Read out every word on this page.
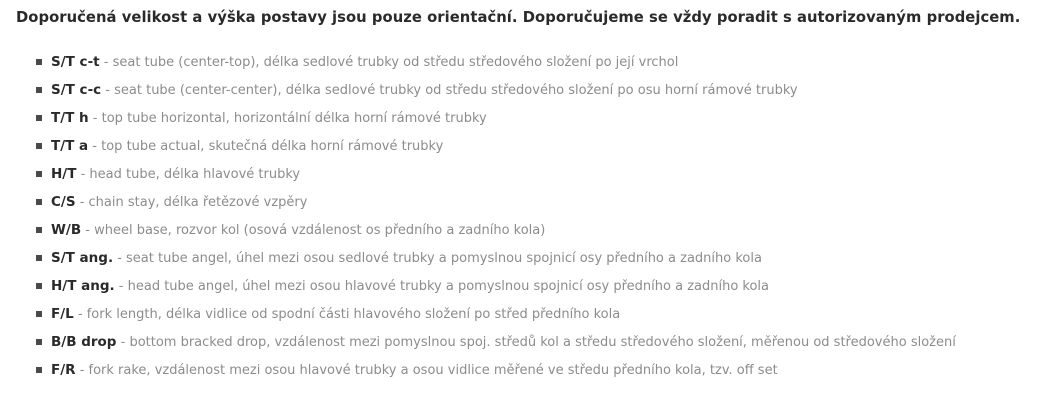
Doporučená velikost a výška postavy jsou pouze orientační. Doporučujeme se vždy poradit s autorizovaným prodejcem.
S/T c-t - seat tube (center-top), délka sedlové trubky od středu středového složení po její vrchol
S/T c-c - seat tube (center-center), délka sedlové trubky od středu středového složení po osu horní rámové trubky
T/T h - top tube horizontal, horizontální délka horní rámové trubky
T/T a - top tube actual, skutečná délka horní rámové trubky
H/T - head tube, délka hlavové trubky
C/S - chain stay, délka řetězové vzpěry
W/B - wheel base, rozvor kol (osová vzdálenost os předního a zadního kola)
S/T ang. - seat tube angel, úhel mezi osou sedlové trubky a pomyslnou spojnicí osy předního a zadního kola
H/T ang. - head tube angel, úhel mezi osou hlavové trubky a pomyslnou spojnicí osy předního a zadního kola
F/L - fork length, délka vidlice od spodní části hlavového složení po střed předního kola
B/B drop - bottom bracked drop, vzdálenost mezi pomyslnou spoj. středů kol a středu středového složení, měřenou od středového složení
F/R - fork rake, vzdálenost mezi osou hlavové trubky a osou vidlice měřené ve středu předního kola, tzv. off set
